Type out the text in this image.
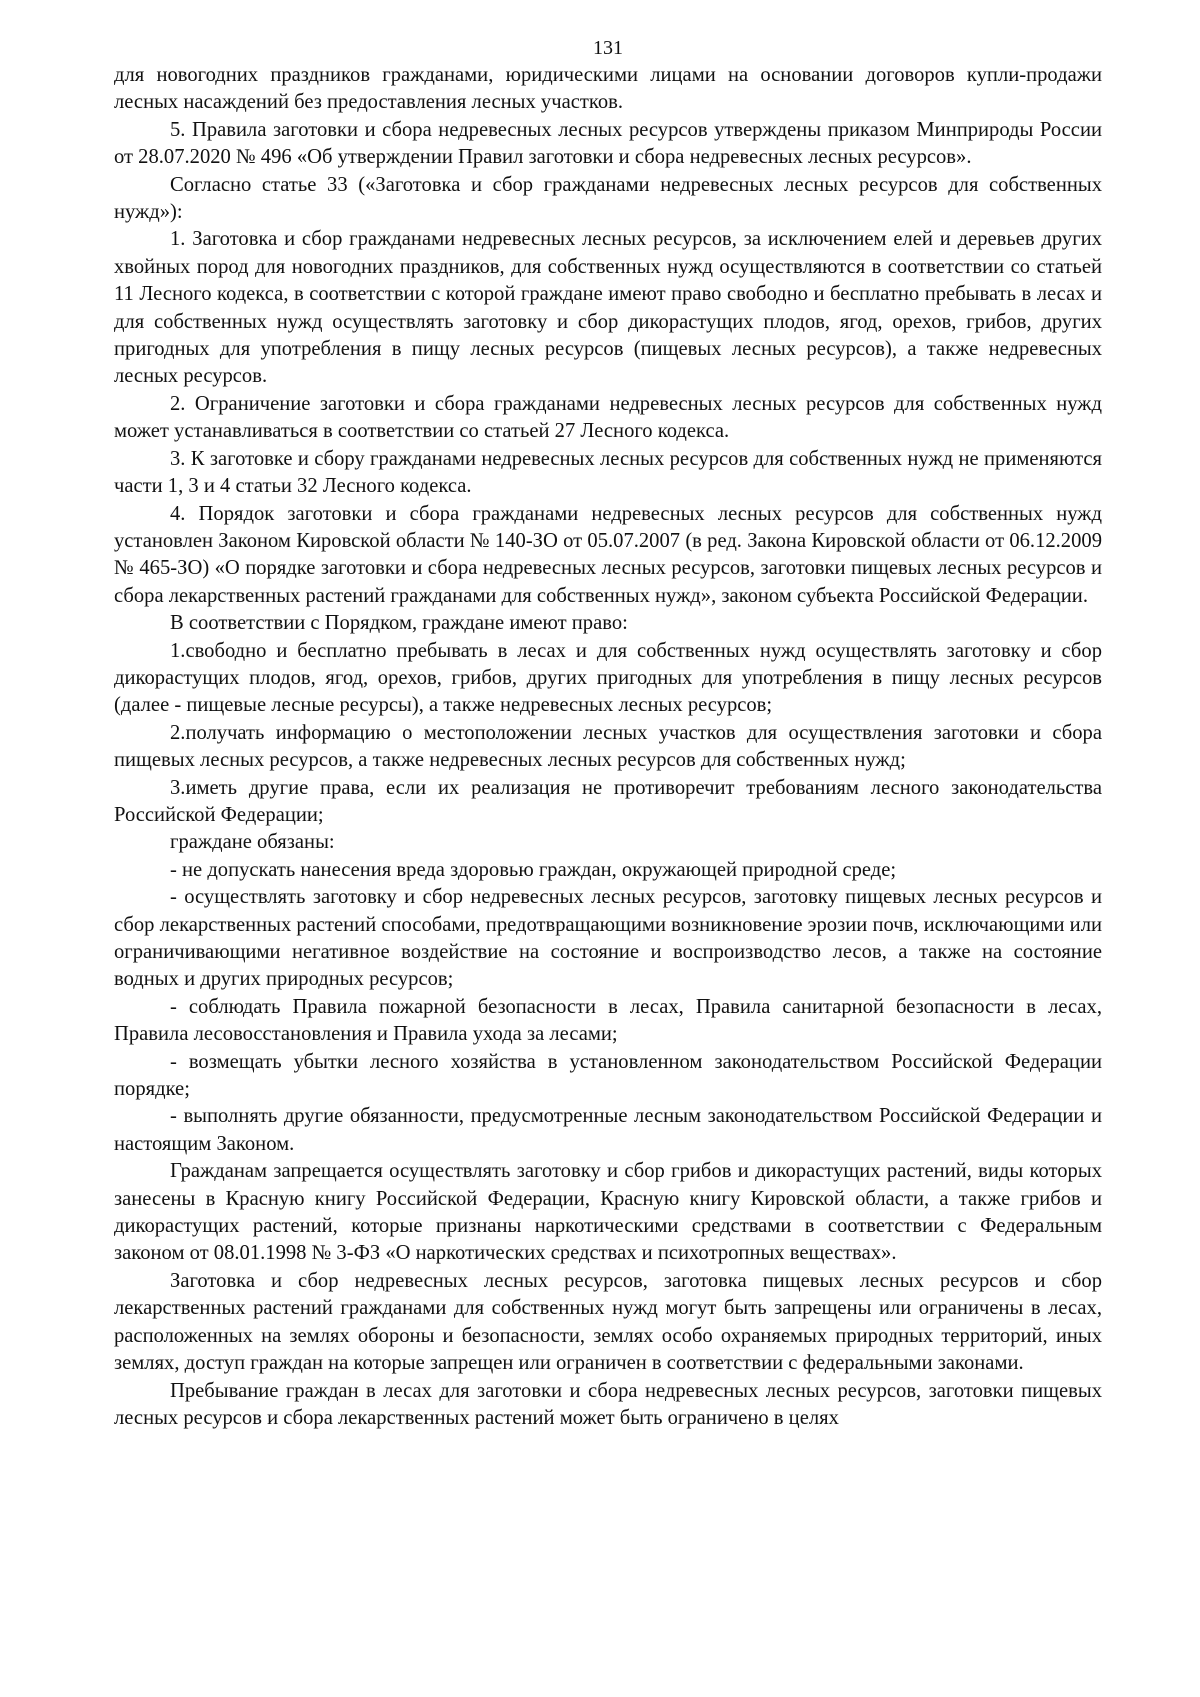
131

для новогодних праздников гражданами, юридическими лицами на основании договоров купли-продажи лесных насаждений без предоставления лесных участков.

5. Правила заготовки и сбора недревесных лесных ресурсов утверждены приказом Минприроды России от 28.07.2020 № 496 «Об утверждении Правил заготовки и сбора недревесных лесных ресурсов».

Согласно статье 33 («Заготовка и сбор гражданами недревесных лесных ресурсов для собственных нужд»):

1. Заготовка и сбор гражданами недревесных лесных ресурсов, за исключением елей и деревьев других хвойных пород для новогодних праздников, для собственных нужд осуществляются в соответствии со статьей 11 Лесного кодекса, в соответствии с которой граждане имеют право свободно и бесплатно пребывать в лесах и для собственных нужд осуществлять заготовку и сбор дикорастущих плодов, ягод, орехов, грибов, других пригодных для употребления в пищу лесных ресурсов (пищевых лесных ресурсов), а также недревесных лесных ресурсов.

2. Ограничение заготовки и сбора гражданами недревесных лесных ресурсов для собственных нужд может устанавливаться в соответствии со статьей 27 Лесного кодекса.

3. К заготовке и сбору гражданами недревесных лесных ресурсов для собственных нужд не применяются части 1, 3 и 4 статьи 32 Лесного кодекса.

4. Порядок заготовки и сбора гражданами недревесных лесных ресурсов для собственных нужд установлен Законом Кировской области № 140-ЗО от 05.07.2007 (в ред. Закона Кировской области от 06.12.2009 № 465-ЗО) «О порядке заготовки и сбора недревесных лесных ресурсов, заготовки пищевых лесных ресурсов и сбора лекарственных растений гражданами для собственных нужд», законом субъекта Российской Федерации.

В соответствии с Порядком, граждане имеют право:

1.свободно и бесплатно пребывать в лесах и для собственных нужд осуществлять заготовку и сбор дикорастущих плодов, ягод, орехов, грибов, других пригодных для употребления в пищу лесных ресурсов (далее - пищевые лесные ресурсы), а также недревесных лесных ресурсов;

2.получать информацию о местоположении лесных участков для осуществления заготовки и сбора пищевых лесных ресурсов, а также недревесных лесных ресурсов для собственных нужд;

3.иметь другие права, если их реализация не противоречит требованиям лесного законодательства Российской Федерации;

граждане обязаны:

- не допускать нанесения вреда здоровью граждан, окружающей природной среде;

- осуществлять заготовку и сбор недревесных лесных ресурсов, заготовку пищевых лесных ресурсов и сбор лекарственных растений способами, предотвращающими возникновение эрозии почв, исключающими или ограничивающими негативное воздействие на состояние и воспроизводство лесов, а также на состояние водных и других природных ресурсов;

- соблюдать Правила пожарной безопасности в лесах, Правила санитарной безопасности в лесах, Правила лесовосстановления и Правила ухода за лесами;

- возмещать убытки лесного хозяйства в установленном законодательством Российской Федерации порядке;

- выполнять другие обязанности, предусмотренные лесным законодательством Российской Федерации и настоящим Законом.

Гражданам запрещается осуществлять заготовку и сбор грибов и дикорастущих растений, виды которых занесены в Красную книгу Российской Федерации, Красную книгу Кировской области, а также грибов и дикорастущих растений, которые признаны наркотическими средствами в соответствии с Федеральным законом от 08.01.1998 № 3-ФЗ «О наркотических средствах и психотропных веществах».

Заготовка и сбор недревесных лесных ресурсов, заготовка пищевых лесных ресурсов и сбор лекарственных растений гражданами для собственных нужд могут быть запрещены или ограничены в лесах, расположенных на землях обороны и безопасности, землях особо охраняемых природных территорий, иных землях, доступ граждан на которые запрещен или ограничен в соответствии с федеральными законами.

Пребывание граждан в лесах для заготовки и сбора недревесных лесных ресурсов, заготовки пищевых лесных ресурсов и сбора лекарственных растений может быть ограничено в целях
